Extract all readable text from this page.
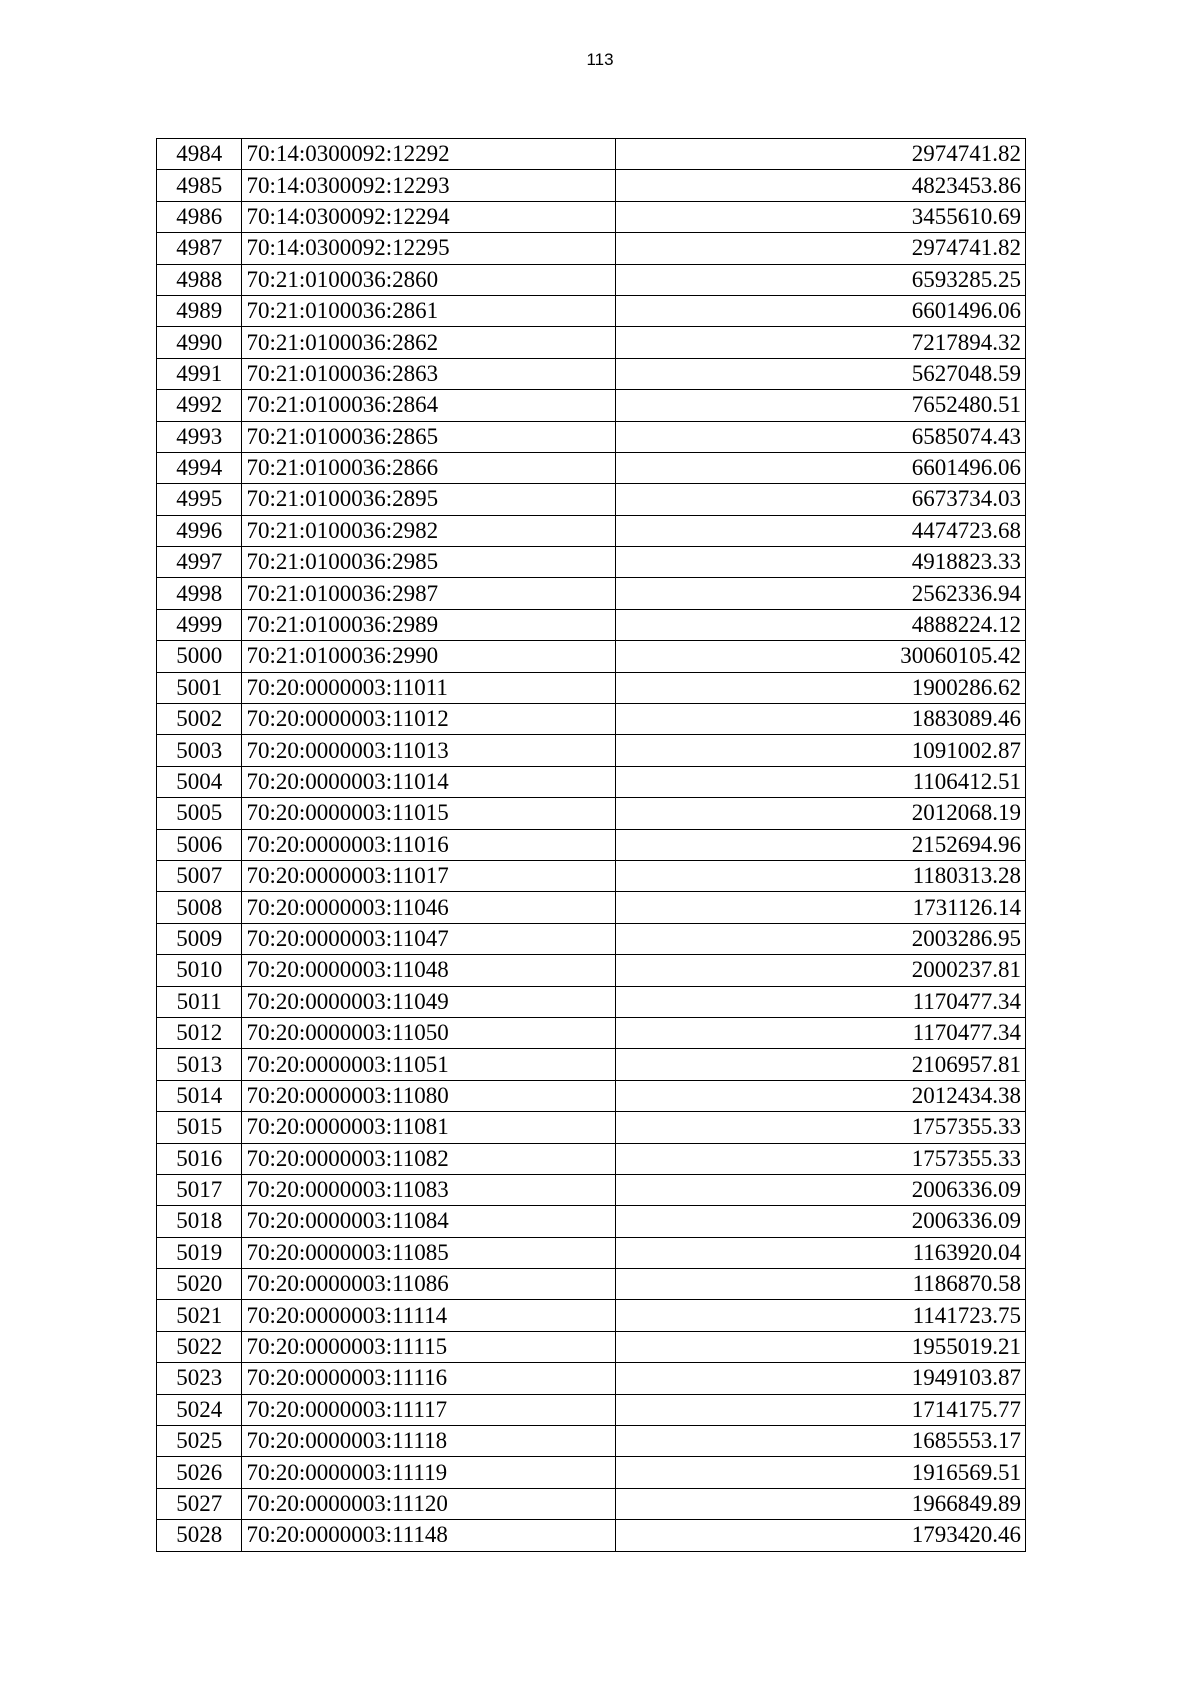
113
4984	70:14:0300092:12292	2974741.82
4985	70:14:0300092:12293	4823453.86
4986	70:14:0300092:12294	3455610.69
4987	70:14:0300092:12295	2974741.82
4988	70:21:0100036:2860	6593285.25
4989	70:21:0100036:2861	6601496.06
4990	70:21:0100036:2862	7217894.32
4991	70:21:0100036:2863	5627048.59
4992	70:21:0100036:2864	7652480.51
4993	70:21:0100036:2865	6585074.43
4994	70:21:0100036:2866	6601496.06
4995	70:21:0100036:2895	6673734.03
4996	70:21:0100036:2982	4474723.68
4997	70:21:0100036:2985	4918823.33
4998	70:21:0100036:2987	2562336.94
4999	70:21:0100036:2989	4888224.12
5000	70:21:0100036:2990	30060105.42
5001	70:20:0000003:11011	1900286.62
5002	70:20:0000003:11012	1883089.46
5003	70:20:0000003:11013	1091002.87
5004	70:20:0000003:11014	1106412.51
5005	70:20:0000003:11015	2012068.19
5006	70:20:0000003:11016	2152694.96
5007	70:20:0000003:11017	1180313.28
5008	70:20:0000003:11046	1731126.14
5009	70:20:0000003:11047	2003286.95
5010	70:20:0000003:11048	2000237.81
5011	70:20:0000003:11049	1170477.34
5012	70:20:0000003:11050	1170477.34
5013	70:20:0000003:11051	2106957.81
5014	70:20:0000003:11080	2012434.38
5015	70:20:0000003:11081	1757355.33
5016	70:20:0000003:11082	1757355.33
5017	70:20:0000003:11083	2006336.09
5018	70:20:0000003:11084	2006336.09
5019	70:20:0000003:11085	1163920.04
5020	70:20:0000003:11086	1186870.58
5021	70:20:0000003:11114	1141723.75
5022	70:20:0000003:11115	1955019.21
5023	70:20:0000003:11116	1949103.87
5024	70:20:0000003:11117	1714175.77
5025	70:20:0000003:11118	1685553.17
5026	70:20:0000003:11119	1916569.51
5027	70:20:0000003:11120	1966849.89
5028	70:20:0000003:11148	1793420.46
